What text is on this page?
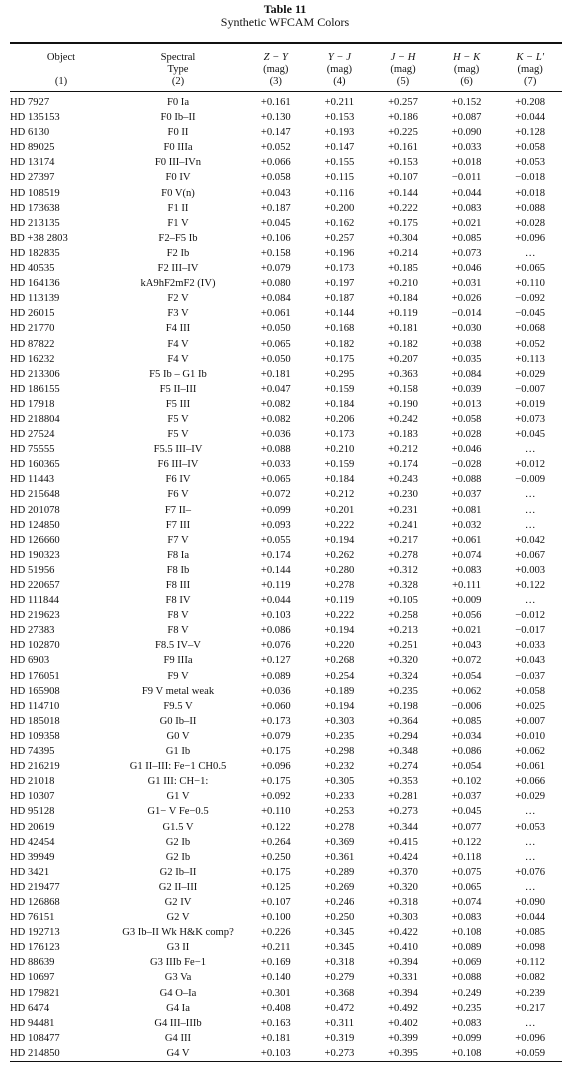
Table 11
Synthetic WFCAM Colors

Object	Spectral	Z − Y	Y − J	J − H	H − K	K − L′
	Type	(mag)	(mag)	(mag)	(mag)	(mag)
(1)	(2)	(3)	(4)	(5)	(6)	(7)
HD 7927	F0 Ia	+0.161	+0.211	+0.257	+0.152	+0.208
HD 135153	F0 Ib–II	+0.130	+0.153	+0.186	+0.087	+0.044
HD 6130	F0 II	+0.147	+0.193	+0.225	+0.090	+0.128
HD 89025	F0 IIIa	+0.052	+0.147	+0.161	+0.033	+0.058
HD 13174	F0 III–IVn	+0.066	+0.155	+0.153	+0.018	+0.053
HD 27397	F0 IV	+0.058	+0.115	+0.107	−0.011	−0.018
HD 108519	F0 V(n)	+0.043	+0.116	+0.144	+0.044	+0.018
HD 173638	F1 II	+0.187	+0.200	+0.222	+0.083	+0.088
HD 213135	F1 V	+0.045	+0.162	+0.175	+0.021	+0.028
BD +38 2803	F2–F5 Ib	+0.106	+0.257	+0.304	+0.085	+0.096
HD 182835	F2 Ib	+0.158	+0.196	+0.214	+0.073	…
HD 40535	F2 III–IV	+0.079	+0.173	+0.185	+0.046	+0.065
HD 164136	kA9hF2mF2 (IV)	+0.080	+0.197	+0.210	+0.031	+0.110
HD 113139	F2 V	+0.084	+0.187	+0.184	+0.026	−0.092
HD 26015	F3 V	+0.061	+0.144	+0.119	−0.014	−0.045
HD 21770	F4 III	+0.050	+0.168	+0.181	+0.030	+0.068
HD 87822	F4 V	+0.065	+0.182	+0.182	+0.038	+0.052
HD 16232	F4 V	+0.050	+0.175	+0.207	+0.035	+0.113
HD 213306	F5 Ib – G1 Ib	+0.181	+0.295	+0.363	+0.084	+0.029
HD 186155	F5 II–III	+0.047	+0.159	+0.158	+0.039	−0.007
HD 17918	F5 III	+0.082	+0.184	+0.190	+0.013	+0.019
HD 218804	F5 V	+0.082	+0.206	+0.242	+0.058	+0.073
HD 27524	F5 V	+0.036	+0.173	+0.183	+0.028	+0.045
HD 75555	F5.5 III–IV	+0.088	+0.210	+0.212	+0.046	…
HD 160365	F6 III–IV	+0.033	+0.159	+0.174	−0.028	+0.012
HD 11443	F6 IV	+0.065	+0.184	+0.243	+0.088	−0.009
HD 215648	F6 V	+0.072	+0.212	+0.230	+0.037	…
HD 201078	F7 II–	+0.099	+0.201	+0.231	+0.081	…
HD 124850	F7 III	+0.093	+0.222	+0.241	+0.032	…
HD 126660	F7 V	+0.055	+0.194	+0.217	+0.061	+0.042
HD 190323	F8 Ia	+0.174	+0.262	+0.278	+0.074	+0.067
HD 51956	F8 Ib	+0.144	+0.280	+0.312	+0.083	+0.003
HD 220657	F8 III	+0.119	+0.278	+0.328	+0.111	+0.122
HD 111844	F8 IV	+0.044	+0.119	+0.105	+0.009	…
HD 219623	F8 V	+0.103	+0.222	+0.258	+0.056	−0.012
HD 27383	F8 V	+0.086	+0.194	+0.213	+0.021	−0.017
HD 102870	F8.5 IV–V	+0.076	+0.220	+0.251	+0.043	+0.033
HD 6903	F9 IIIa	+0.127	+0.268	+0.320	+0.072	+0.043
HD 176051	F9 V	+0.089	+0.254	+0.324	+0.054	−0.037
HD 165908	F9 V metal weak	+0.036	+0.189	+0.235	+0.062	+0.058
HD 114710	F9.5 V	+0.060	+0.194	+0.198	−0.006	+0.025
HD 185018	G0 Ib–II	+0.173	+0.303	+0.364	+0.085	+0.007
HD 109358	G0 V	+0.079	+0.235	+0.294	+0.034	+0.010
HD 74395	G1 Ib	+0.175	+0.298	+0.348	+0.086	+0.062
HD 216219	G1 II–III: Fe−1 CH0.5	+0.096	+0.232	+0.274	+0.054	+0.061
HD 21018	G1 III: CH−1:	+0.175	+0.305	+0.353	+0.102	+0.066
HD 10307	G1 V	+0.092	+0.233	+0.281	+0.037	+0.029
HD 95128	G1− V Fe−0.5	+0.110	+0.253	+0.273	+0.045	…
HD 20619	G1.5 V	+0.122	+0.278	+0.344	+0.077	+0.053
HD 42454	G2 Ib	+0.264	+0.369	+0.415	+0.122	…
HD 39949	G2 Ib	+0.250	+0.361	+0.424	+0.118	…
HD 3421	G2 Ib–II	+0.175	+0.289	+0.370	+0.075	+0.076
HD 219477	G2 II–III	+0.125	+0.269	+0.320	+0.065	…
HD 126868	G2 IV	+0.107	+0.246	+0.318	+0.074	+0.090
HD 76151	G2 V	+0.100	+0.250	+0.303	+0.083	+0.044
HD 192713	G3 Ib–II Wk H&K comp?	+0.226	+0.345	+0.422	+0.108	+0.085
HD 176123	G3 II	+0.211	+0.345	+0.410	+0.089	+0.098
HD 88639	G3 IIIb Fe−1	+0.169	+0.318	+0.394	+0.069	+0.112
HD 10697	G3 Va	+0.140	+0.279	+0.331	+0.088	+0.082
HD 179821	G4 O–Ia	+0.301	+0.368	+0.394	+0.249	+0.239
HD 6474	G4 Ia	+0.408	+0.472	+0.492	+0.235	+0.217
HD 94481	G4 III–IIIb	+0.163	+0.311	+0.402	+0.083	…
HD 108477	G4 III	+0.181	+0.319	+0.399	+0.099	+0.096
HD 214850	G4 V	+0.103	+0.273	+0.395	+0.108	+0.059
